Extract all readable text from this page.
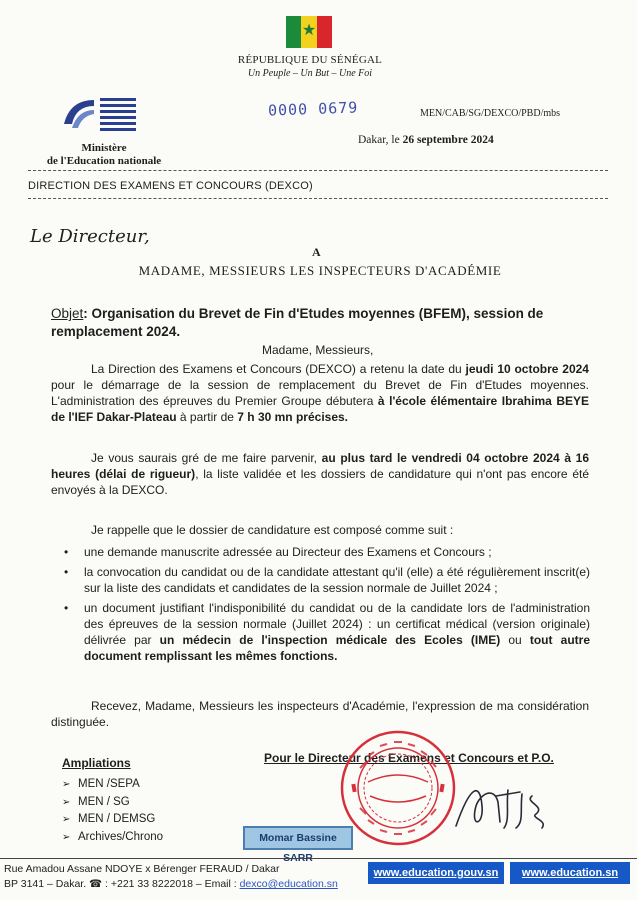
★
RÉPUBLIQUE DU SÉNÉGAL
Un Peuple – Un But – Une Foi
Ministère
de l'Education nationale
0000 0679	MEN/CAB/SG/DEXCO/PBD/mbs
Dakar, le 26 septembre 2024
DIRECTION DES EXAMENS ET CONCOURS (DEXCO)
Le Directeur,
A
MADAME, MESSIEURS LES INSPECTEURS D'ACADÉMIE
Objet: Organisation du Brevet de Fin d'Etudes moyennes (BFEM), session de remplacement 2024.
Madame, Messieurs,
La Direction des Examens et Concours (DEXCO) a retenu la date du jeudi 10 octobre 2024 pour le démarrage de la session de remplacement du Brevet de Fin d'Etudes moyennes. L'administration des épreuves du Premier Groupe débutera à l'école élémentaire Ibrahima BEYE de l'IEF Dakar-Plateau à partir de 7 h 30 mn précises.
Je vous saurais gré de me faire parvenir, au plus tard le vendredi 04 octobre 2024 à 16 heures (délai de rigueur), la liste validée et les dossiers de candidature qui n'ont pas encore été envoyés à la DEXCO.
Je rappelle que le dossier de candidature est composé comme suit :
• une demande manuscrite adressée au Directeur des Examens et Concours ;
• la convocation du candidat ou de la candidate attestant qu'il (elle) a été régulièrement inscrit(e) sur la liste des candidats et candidates de la session normale de Juillet 2024 ;
• un document justifiant l'indisponibilité du candidat ou de la candidate lors de l'administration des épreuves de la session normale (Juillet 2024) : un certificat médical (version originale) délivrée par un médecin de l'inspection médicale des Ecoles (IME) ou tout autre document remplissant les mêmes fonctions.
Recevez, Madame, Messieurs les inspecteurs d'Académie, l'expression de ma considération distinguée.
Pour le Directeur des Examens et Concours et P.O.
Ampliations
➢ MEN /SEPA
➢ MEN / SG
➢ MEN / DEMSG
➢ Archives/Chrono	Momar Bassine SARR
Rue Amadou Assane NDOYE x Bérenger FERAUD / Dakar
BP 3141 – Dakar. ☎ : +221 33 8222018 – Email : dexco@education.sn
www.education.gouv.sn	www.education.sn
